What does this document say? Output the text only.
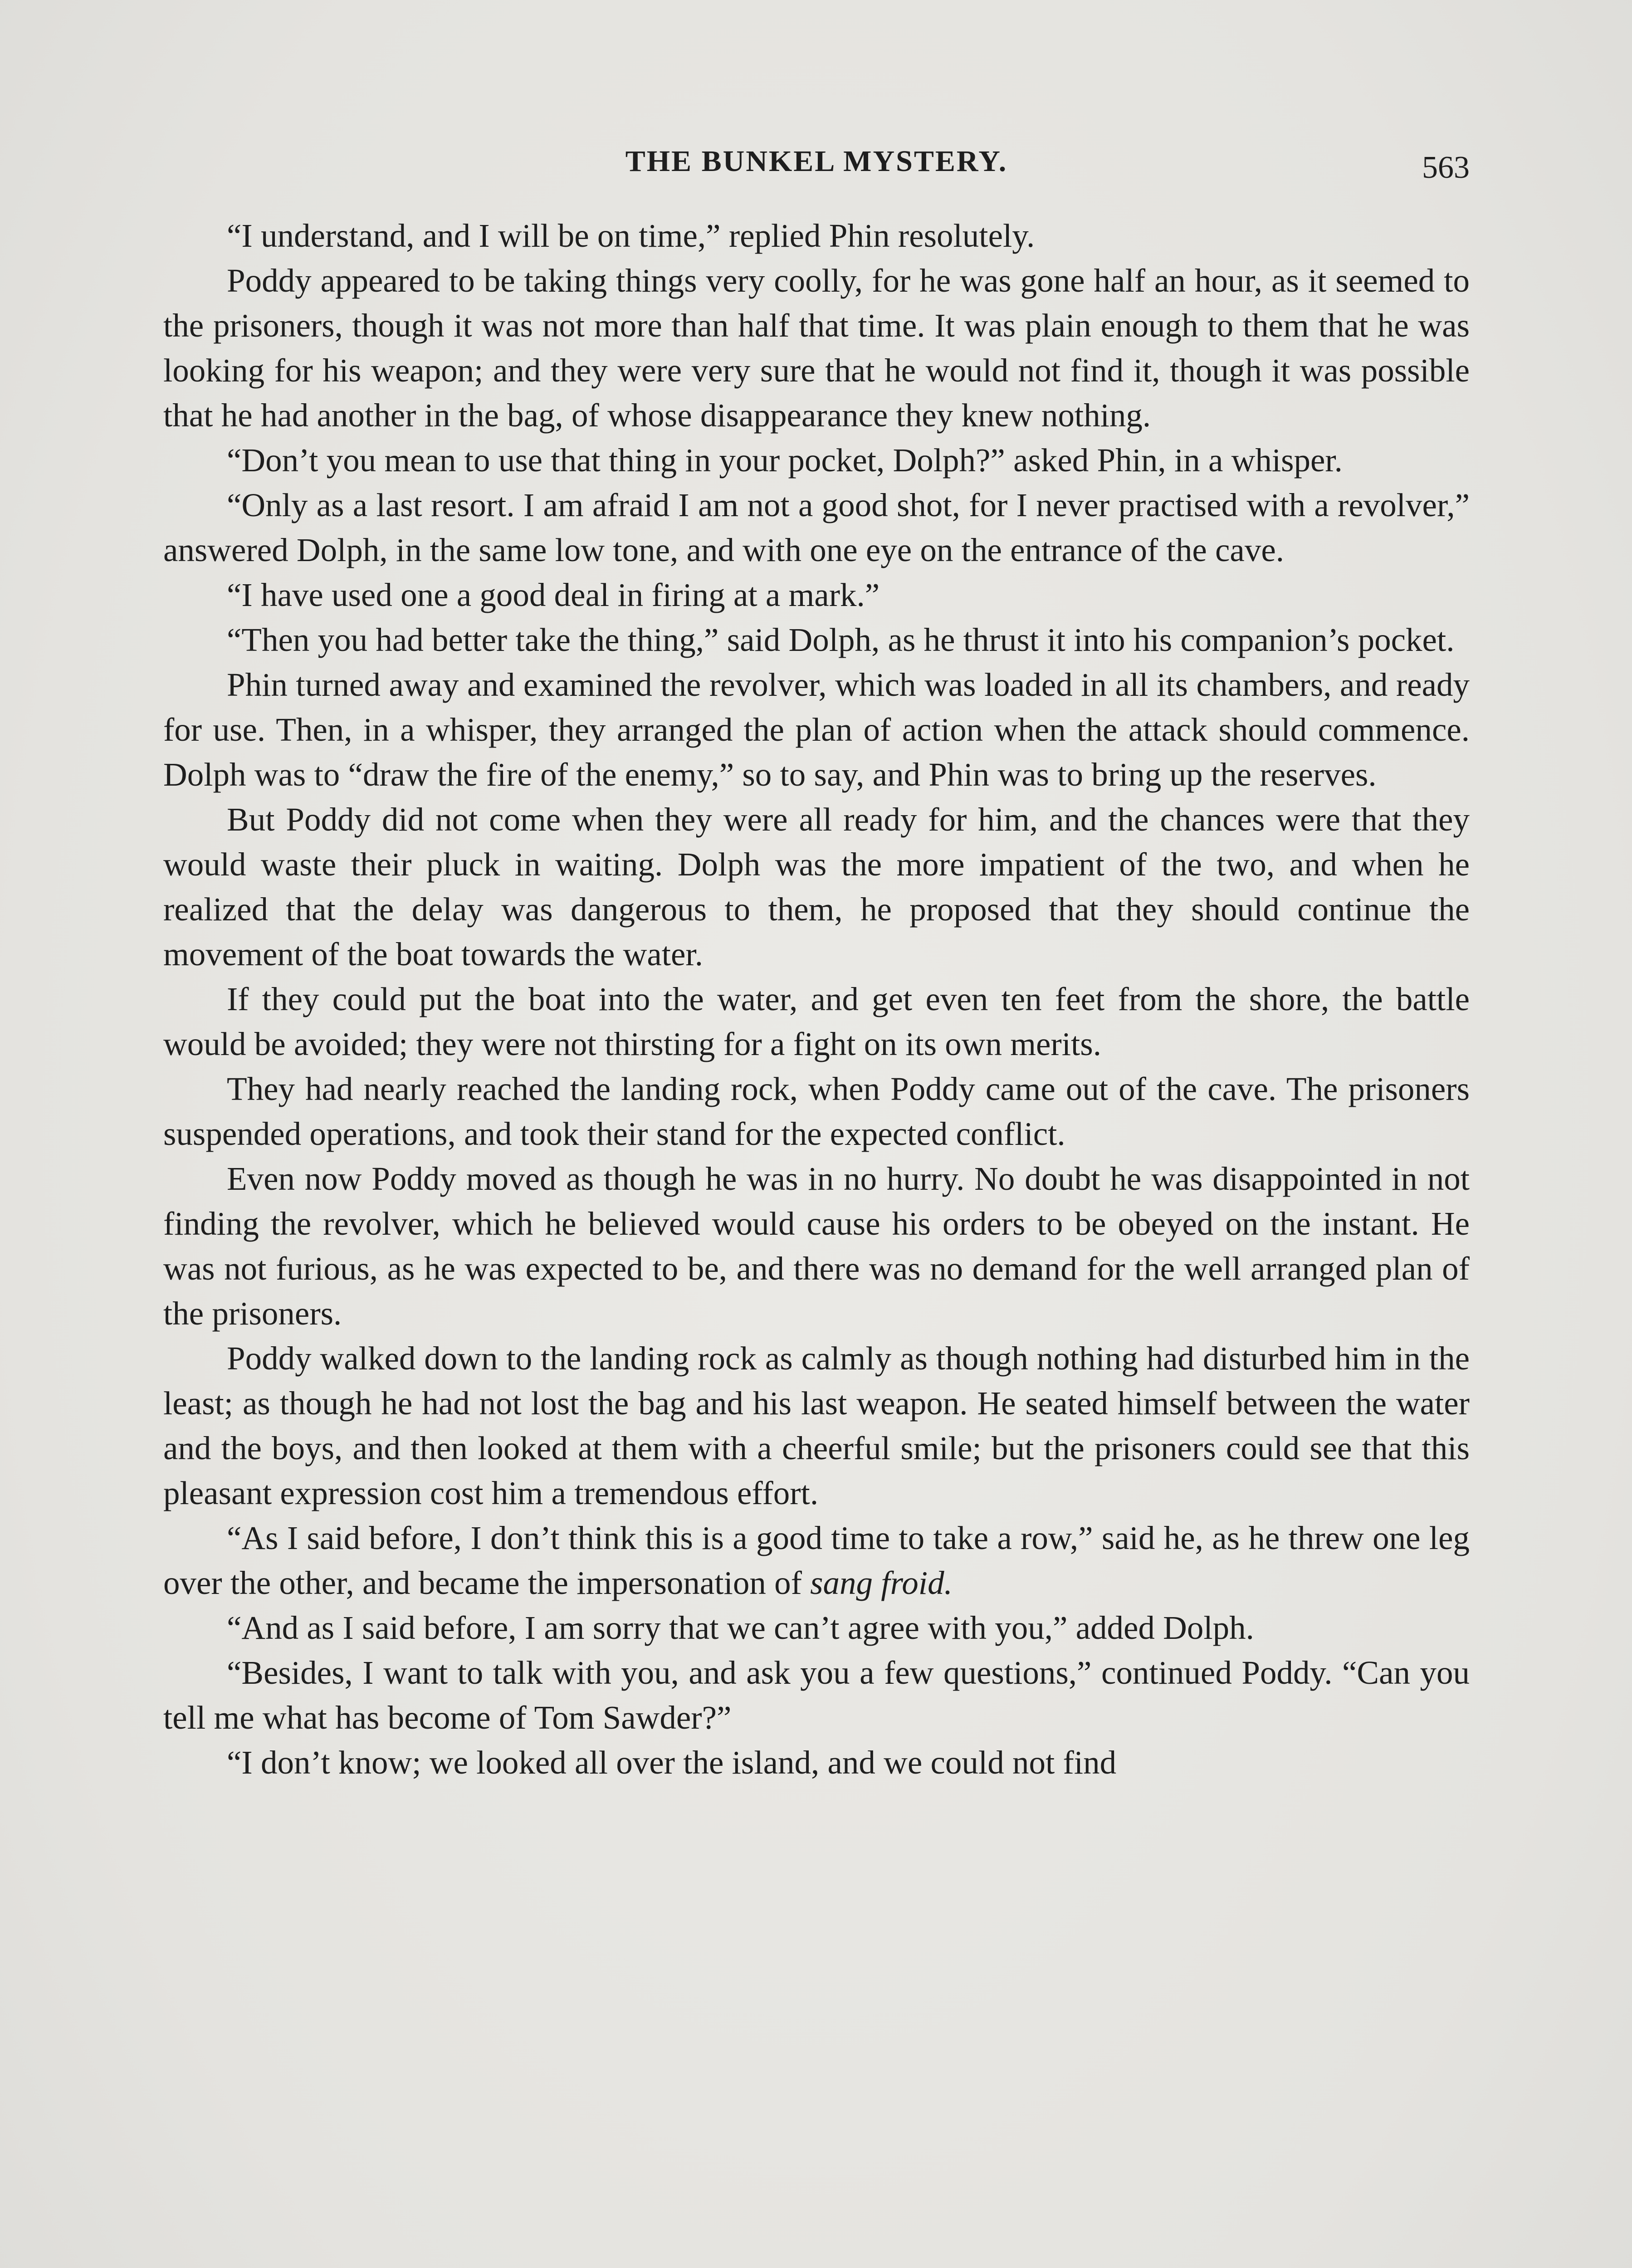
THE BUNKEL MYSTERY.	563

“I understand, and I will be on time,” replied Phin resolutely.

Poddy appeared to be taking things very coolly, for he was gone half an hour, as it seemed to the prisoners, though it was not more than half that time. It was plain enough to them that he was looking for his weapon; and they were very sure that he would not find it, though it was possible that he had another in the bag, of whose disappearance they knew nothing.

“Don’t you mean to use that thing in your pocket, Dolph?” asked Phin, in a whisper.

“Only as a last resort. I am afraid I am not a good shot, for I never practised with a revolver,” answered Dolph, in the same low tone, and with one eye on the entrance of the cave.

“I have used one a good deal in firing at a mark.”

“Then you had better take the thing,” said Dolph, as he thrust it into his companion’s pocket.

Phin turned away and examined the revolver, which was loaded in all its chambers, and ready for use. Then, in a whisper, they arranged the plan of action when the attack should commence. Dolph was to “draw the fire of the enemy,” so to say, and Phin was to bring up the reserves.

But Poddy did not come when they were all ready for him, and the chances were that they would waste their pluck in waiting. Dolph was the more impatient of the two, and when he realized that the delay was dangerous to them, he proposed that they should continue the movement of the boat towards the water.

If they could put the boat into the water, and get even ten feet from the shore, the battle would be avoided; they were not thirsting for a fight on its own merits.

They had nearly reached the landing rock, when Poddy came out of the cave. The prisoners suspended operations, and took their stand for the expected conflict.

Even now Poddy moved as though he was in no hurry. No doubt he was disappointed in not finding the revolver, which he believed would cause his orders to be obeyed on the instant. He was not furious, as he was expected to be, and there was no demand for the well arranged plan of the prisoners.

Poddy walked down to the landing rock as calmly as though nothing had disturbed him in the least; as though he had not lost the bag and his last weapon. He seated himself between the water and the boys, and then looked at them with a cheerful smile; but the prisoners could see that this pleasant expression cost him a tremendous effort.

“As I said before, I don’t think this is a good time to take a row,” said he, as he threw one leg over the other, and became the impersonation of sang froid.

“And as I said before, I am sorry that we can’t agree with you,” added Dolph.

“Besides, I want to talk with you, and ask you a few questions,” continued Poddy. “Can you tell me what has become of Tom Sawder?”

“I don’t know; we looked all over the island, and we could not find
